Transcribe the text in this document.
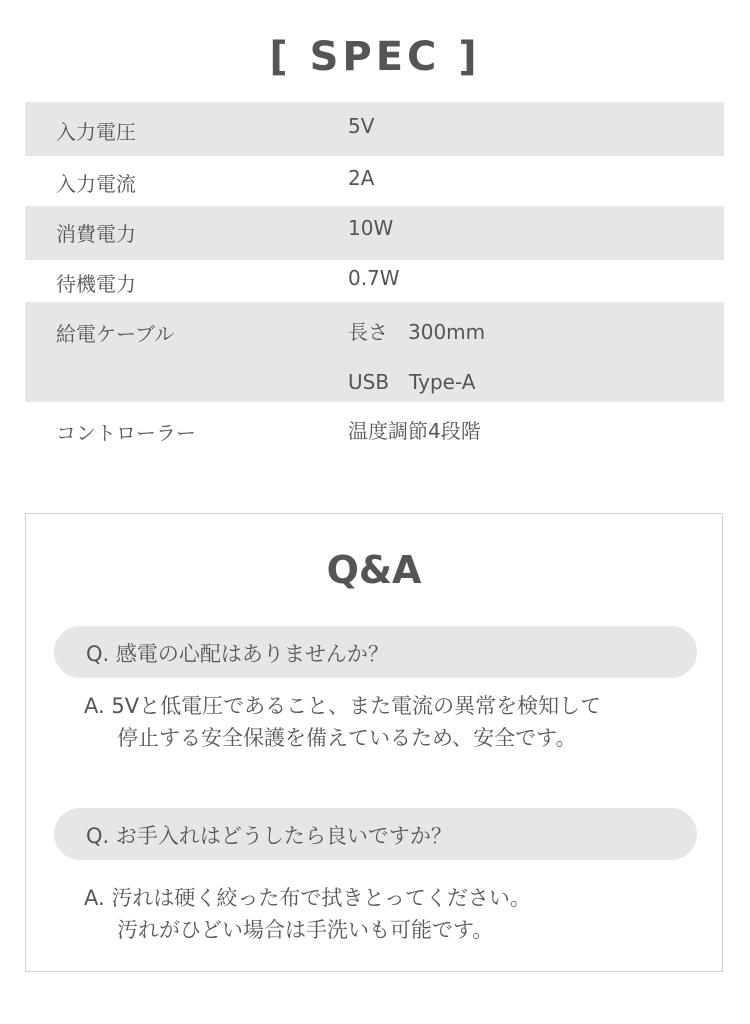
[ SPEC ]
入力電圧	5V
入力電流	2A
消費電力	10W
待機電力	0.7W
給電ケーブル	長さ　300mm
USB　Type-A
コントローラー	温度調節4段階
Q&A
Q. 感電の心配はありませんか？
A. 5Vと低電圧であること、また電流の異常を検知して
停止する安全保護を備えているため、安全です。
Q. お手入れはどうしたら良いですか？
A. 汚れは硬く絞った布で拭きとってください。
汚れがひどい場合は手洗いも可能です。
